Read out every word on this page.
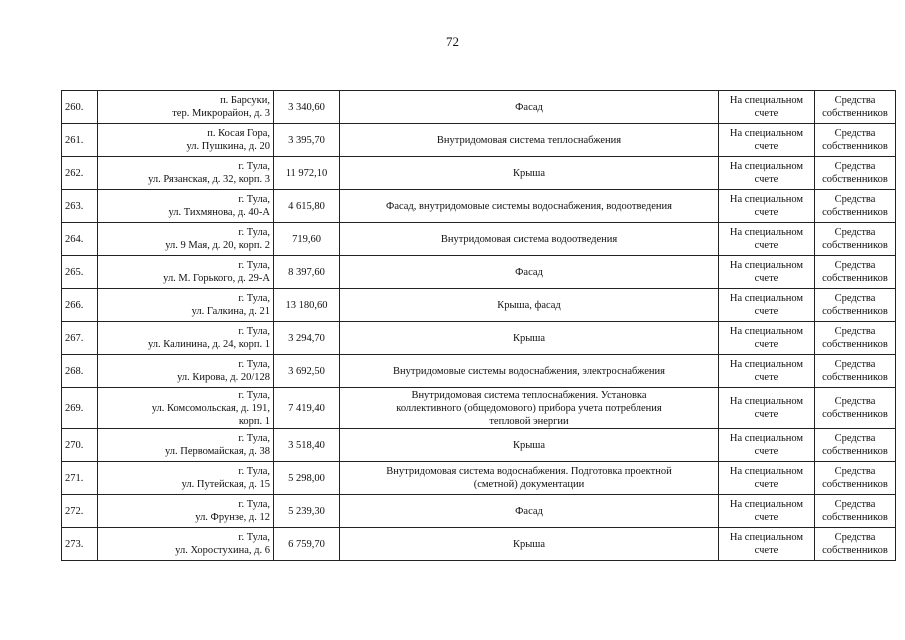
72
260.	п. Барсуки,
тер. Микрорайон, д. 3	3 340,60	Фасад	На специальном
счете	Средства
собственников

261.	п. Косая Гора,
ул. Пушкина, д. 20	3 395,70	Внутридомовая система теплоснабжения	На специальном
счете	Средства
собственников

262.	г. Тула,
ул. Рязанская, д. 32, корп. 3	11 972,10	Крыша	На специальном
счете	Средства
собственников

263.	г. Тула,
ул. Тихмянова, д. 40-А	4 615,80	Фасад, внутридомовые системы водоснабжения, водоотведения	На специальном
счете	Средства
собственников

264.	г. Тула,
ул. 9 Мая, д. 20, корп. 2	719,60	Внутридомовая система водоотведения	На специальном
счете	Средства
собственников

265.	г. Тула,
ул. М. Горького, д. 29-А	8 397,60	Фасад	На специальном
счете	Средства
собственников

266.	г. Тула,
ул. Галкина, д. 21	13 180,60	Крыша, фасад	На специальном
счете	Средства
собственников

267.	г. Тула,
ул. Калинина, д. 24, корп. 1	3 294,70	Крыша	На специальном
счете	Средства
собственников

268.	г. Тула,
ул. Кирова, д. 20/128	3 692,50	Внутридомовые системы водоснабжения, электроснабжения	На специальном
счете	Средства
собственников

269.	г. Тула,
ул. Комсомольская, д. 191,
корп. 1	7 419,40	Внутридомовая система теплоснабжения. Установка
коллективного (общедомового) прибора учета потребления
тепловой энергии	На специальном
счете	Средства
собственников

270.	г. Тула,
ул. Первомайская, д. 38	3 518,40	Крыша	На специальном
счете	Средства
собственников

271.	г. Тула,
ул. Путейская, д. 15	5 298,00	Внутридомовая система водоснабжения. Подготовка проектной
(сметной) документации	На специальном
счете	Средства
собственников

272.	г. Тула,
ул. Фрунзе, д. 12	5 239,30	Фасад	На специальном
счете	Средства
собственников

273.	г. Тула,
ул. Хоростухина, д. 6	6 759,70	Крыша	На специальном
счете	Средства
собственников
